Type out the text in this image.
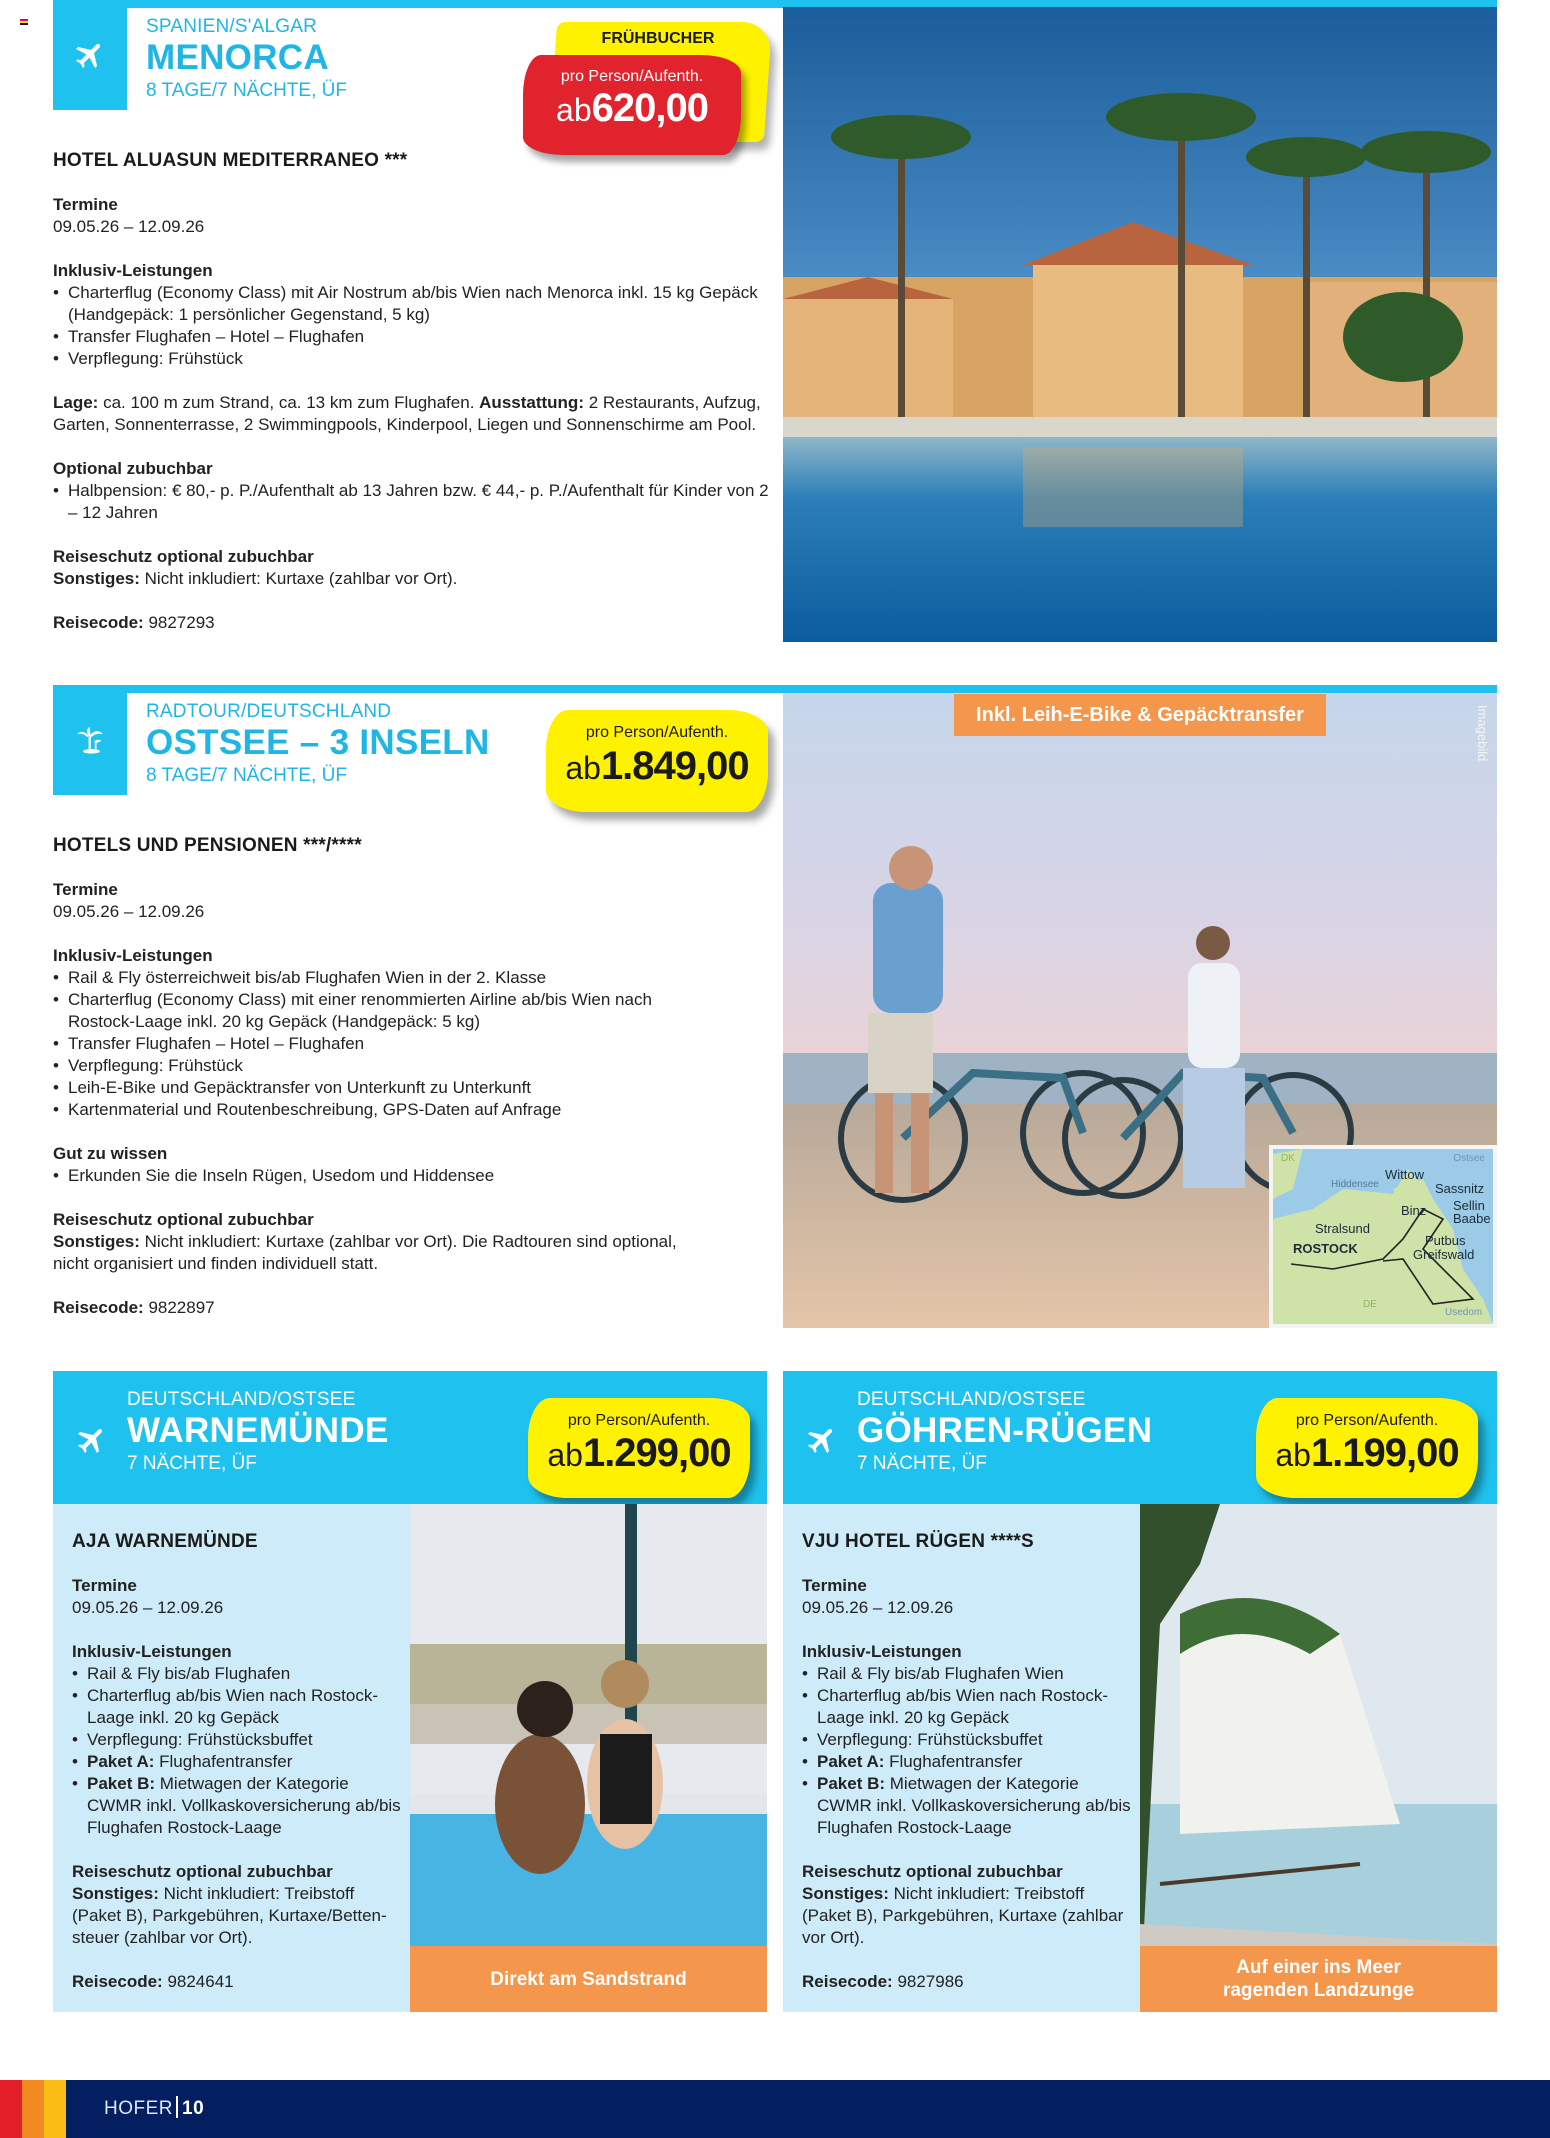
SPANIEN/S'ALGAR
MENORCA
8 TAGE/7 NÄCHTE, ÜF
FRÜHBUCHER
pro Person/Aufenth.
ab620,00
HOTEL ALUASUN MEDITERRANEO ***
Termine
09.05.26 – 12.09.26
Inklusiv-Leistungen
• Charterflug (Economy Class) mit Air Nostrum ab/bis Wien nach Menorca inkl. 15 kg Gepäck (Handgepäck: 1 persönlicher Gegenstand, 5 kg)
• Transfer Flughafen – Hotel – Flughafen
• Verpflegung: Frühstück
Lage: ca. 100 m zum Strand, ca. 13 km zum Flughafen. Ausstattung: 2 Restaurants, Aufzug, Garten, Sonnenterrasse, 2 Swimmingpools, Kinderpool, Liegen und Sonnenschirme am Pool.
Optional zubuchbar
• Halbpension: € 80,- p. P./Aufenthalt ab 13 Jahren bzw. € 44,- p. P./Aufenthalt für Kinder von 2 – 12 Jahren
Reiseschutz optional zubuchbar
Sonstiges: Nicht inkludiert: Kurtaxe (zahlbar vor Ort).
Reisecode: 9827293
RADTOUR/DEUTSCHLAND
OSTSEE – 3 INSELN
8 TAGE/7 NÄCHTE, ÜF
pro Person/Aufenth.
ab1.849,00
HOTELS UND PENSIONEN ***/****
Termine
09.05.26 – 12.09.26
Inklusiv-Leistungen
• Rail & Fly österreichweit bis/ab Flughafen Wien in der 2. Klasse
• Charterflug (Economy Class) mit einer renommierten Airline ab/bis Wien nach Rostock-Laage inkl. 20 kg Gepäck (Handgepäck: 5 kg)
• Transfer Flughafen – Hotel – Flughafen
• Verpflegung: Frühstück
• Leih-E-Bike und Gepäcktransfer von Unterkunft zu Unterkunft
• Kartenmaterial und Routenbeschreibung, GPS-Daten auf Anfrage
Gut zu wissen
• Erkunden Sie die Inseln Rügen, Usedom und Hiddensee
Reiseschutz optional zubuchbar
Sonstiges: Nicht inkludiert: Kurtaxe (zahlbar vor Ort). Die Radtouren sind optional, nicht organisiert und finden individuell statt.
Reisecode: 9822897
Inkl. Leih-E-Bike & Gepäcktransfer	Imagebild
DK	Ostsee
Wittow
Hiddensee	Sassnitz
Binz Sellin
Baabe
Stralsund
Putbus
ROSTOCK	Greifswald
DE
Usedom
DEUTSCHLAND/OSTSEE
WARNEMÜNDE
7 NÄCHTE, ÜF
pro Person/Aufenth.
ab1.299,00
AJA WARNEMÜNDE
Termine
09.05.26 – 12.09.26
Inklusiv-Leistungen
• Rail & Fly bis/ab Flughafen
• Charterflug ab/bis Wien nach Rostock-Laage inkl. 20 kg Gepäck
• Verpflegung: Frühstücksbuffet
• Paket A: Flughafentransfer
• Paket B: Mietwagen der Kategorie CWMR inkl. Vollkaskoversicherung ab/bis Flughafen Rostock-Laage
Reiseschutz optional zubuchbar
Sonstiges: Nicht inkludiert: Treibstoff (Paket B), Parkgebühren, Kurtaxe/Bettensteuer (zahlbar vor Ort).
Reisecode: 9824641	Direkt am Sandstrand
DEUTSCHLAND/OSTSEE
GÖHREN-RÜGEN
7 NÄCHTE, ÜF
pro Person/Aufenth.
ab1.199,00
VJU HOTEL RÜGEN ****S
Termine
09.05.26 – 12.09.26
Inklusiv-Leistungen
• Rail & Fly bis/ab Flughafen Wien
• Charterflug ab/bis Wien nach Rostock-Laage inkl. 20 kg Gepäck
• Verpflegung: Frühstücksbuffet
• Paket A: Flughafentransfer
• Paket B: Mietwagen der Kategorie CWMR inkl. Vollkaskoversicherung ab/bis Flughafen Rostock-Laage
Reiseschutz optional zubuchbar
Sonstiges: Nicht inkludiert: Treibstoff (Paket B), Parkgebühren, Kurtaxe (zahlbar vor Ort).
Reisecode: 9827986
Auf einer ins Meer ragenden Landzunge
HOFER 10
